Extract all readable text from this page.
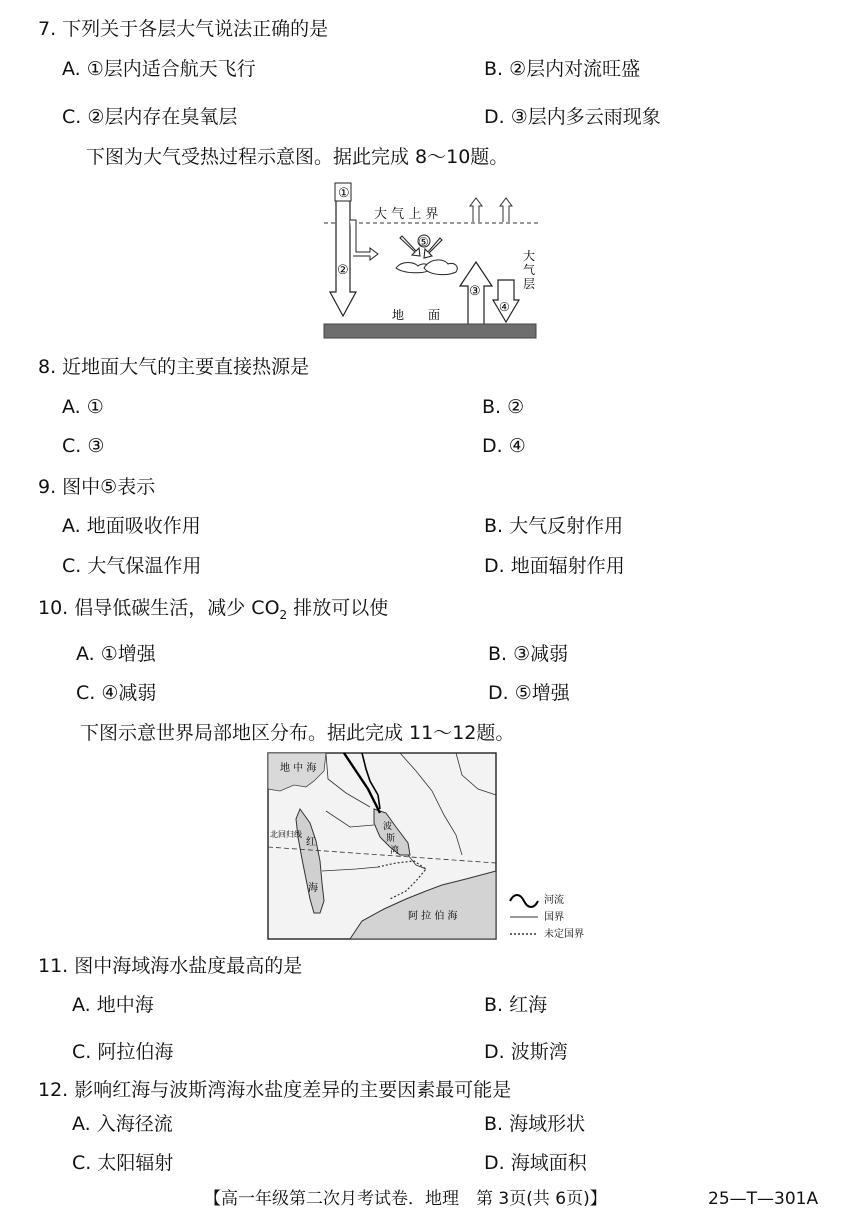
7. 下列关于各层大气说法正确的是
A. ①层内适合航天飞行	B. ②层内对流旺盛
C. ②层内存在臭氧层	D. ③层内多云雨现象
下图为大气受热过程示意图。据此完成 8～10题。
大 气 上 界
①
②
⑤
③
④
大
气
层
地　　面
8. 近地面大气的主要直接热源是
A. ①	B. ②
C. ③	D. ④
9. 图中⑤表示
A. 地面吸收作用	B. 大气反射作用
C. 大气保温作用	D. 地面辐射作用
10. 倡导低碳生活，减少 $CO_2$ 排放可以使
A. ①增强	B. ③减弱
C. ④减弱	D. ⑤增强
下图示意世界局部地区分布。据此完成 11～12题。
地 中 海
红
海
波
斯
湾
阿 拉 伯 海
北回归线
河流
国界
未定国界
11. 图中海域海水盐度最高的是
A. 地中海	B. 红海
C. 阿拉伯海	D. 波斯湾
12. 影响红海与波斯湾海水盐度差异的主要因素最可能是
A. 入海径流	B. 海域形状
C. 太阳辐射	D. 海域面积
【高一年级第二次月考试卷．地理　第 3页(共 6页)】	25—T—301A
